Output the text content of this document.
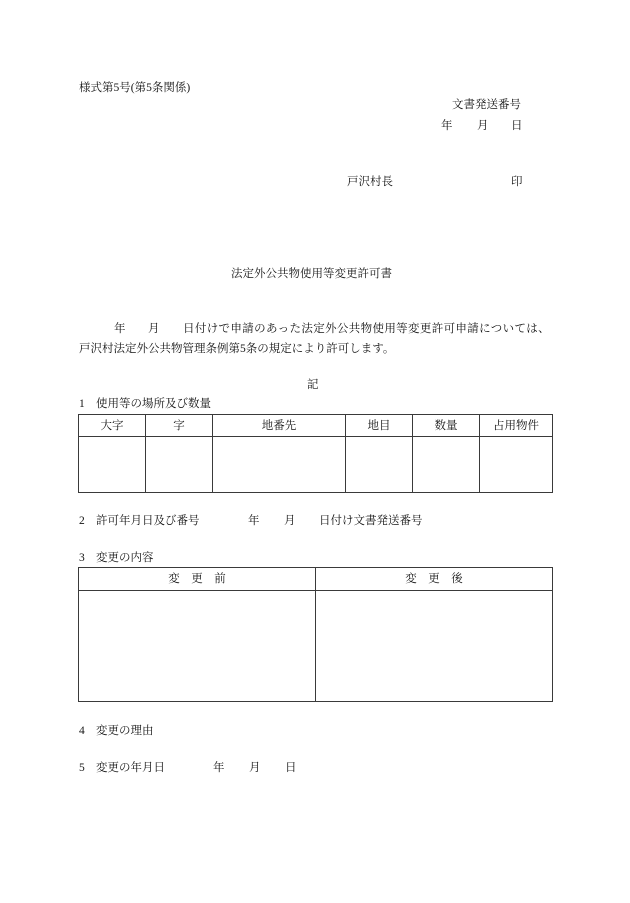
様式第5号(第5条関係)
文書発送番号
年 月 日
戸沢村長	印
法定外公共物使用等変更許可書
年 月 日付けで申請のあった法定外公共物使用等変更許可申請については、
戸沢村法定外公共物管理条例第5条の規定により許可します。
記
1 使用等の場所及び数量
大字	字	地番先	地目	数量	占用物件

2 許可年月日及び番号	年 月 日付け文書発送番号
3 変更の内容
変　更　前	変　更　後

4 変更の理由
5 変更の年月日	年 月 日
